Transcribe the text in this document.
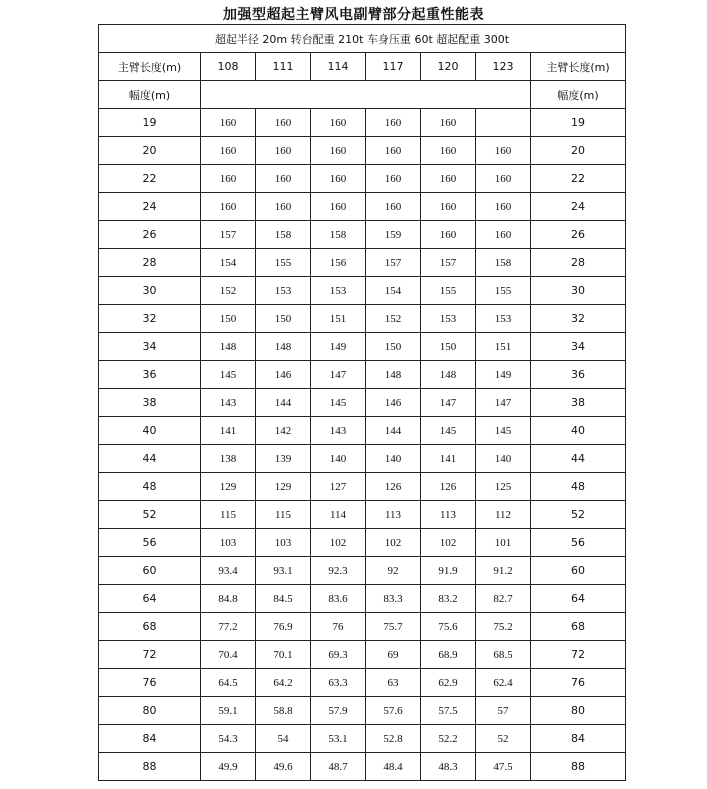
加强型超起主臂风电副臂部分起重性能表
超起半径 20m 转台配重 210t 车身压重 60t 超起配重 300t							
主臂长度(m)	108	111	114	117	120	123	主臂长度(m)
幅度(m)							幅度(m)
19	160	160	160	160	160		19
20	160	160	160	160	160	160	20
22	160	160	160	160	160	160	22
24	160	160	160	160	160	160	24
26	157	158	158	159	160	160	26
28	154	155	156	157	157	158	28
30	152	153	153	154	155	155	30
32	150	150	151	152	153	153	32
34	148	148	149	150	150	151	34
36	145	146	147	148	148	149	36
38	143	144	145	146	147	147	38
40	141	142	143	144	145	145	40
44	138	139	140	140	141	140	44
48	129	129	127	126	126	125	48
52	115	115	114	113	113	112	52
56	103	103	102	102	102	101	56
60	93.4	93.1	92.3	92	91.9	91.2	60
64	84.8	84.5	83.6	83.3	83.2	82.7	64
68	77.2	76.9	76	75.7	75.6	75.2	68
72	70.4	70.1	69.3	69	68.9	68.5	72
76	64.5	64.2	63.3	63	62.9	62.4	76
80	59.1	58.8	57.9	57.6	57.5	57	80
84	54.3	54	53.1	52.8	52.2	52	84
88	49.9	49.6	48.7	48.4	48.3	47.5	88
